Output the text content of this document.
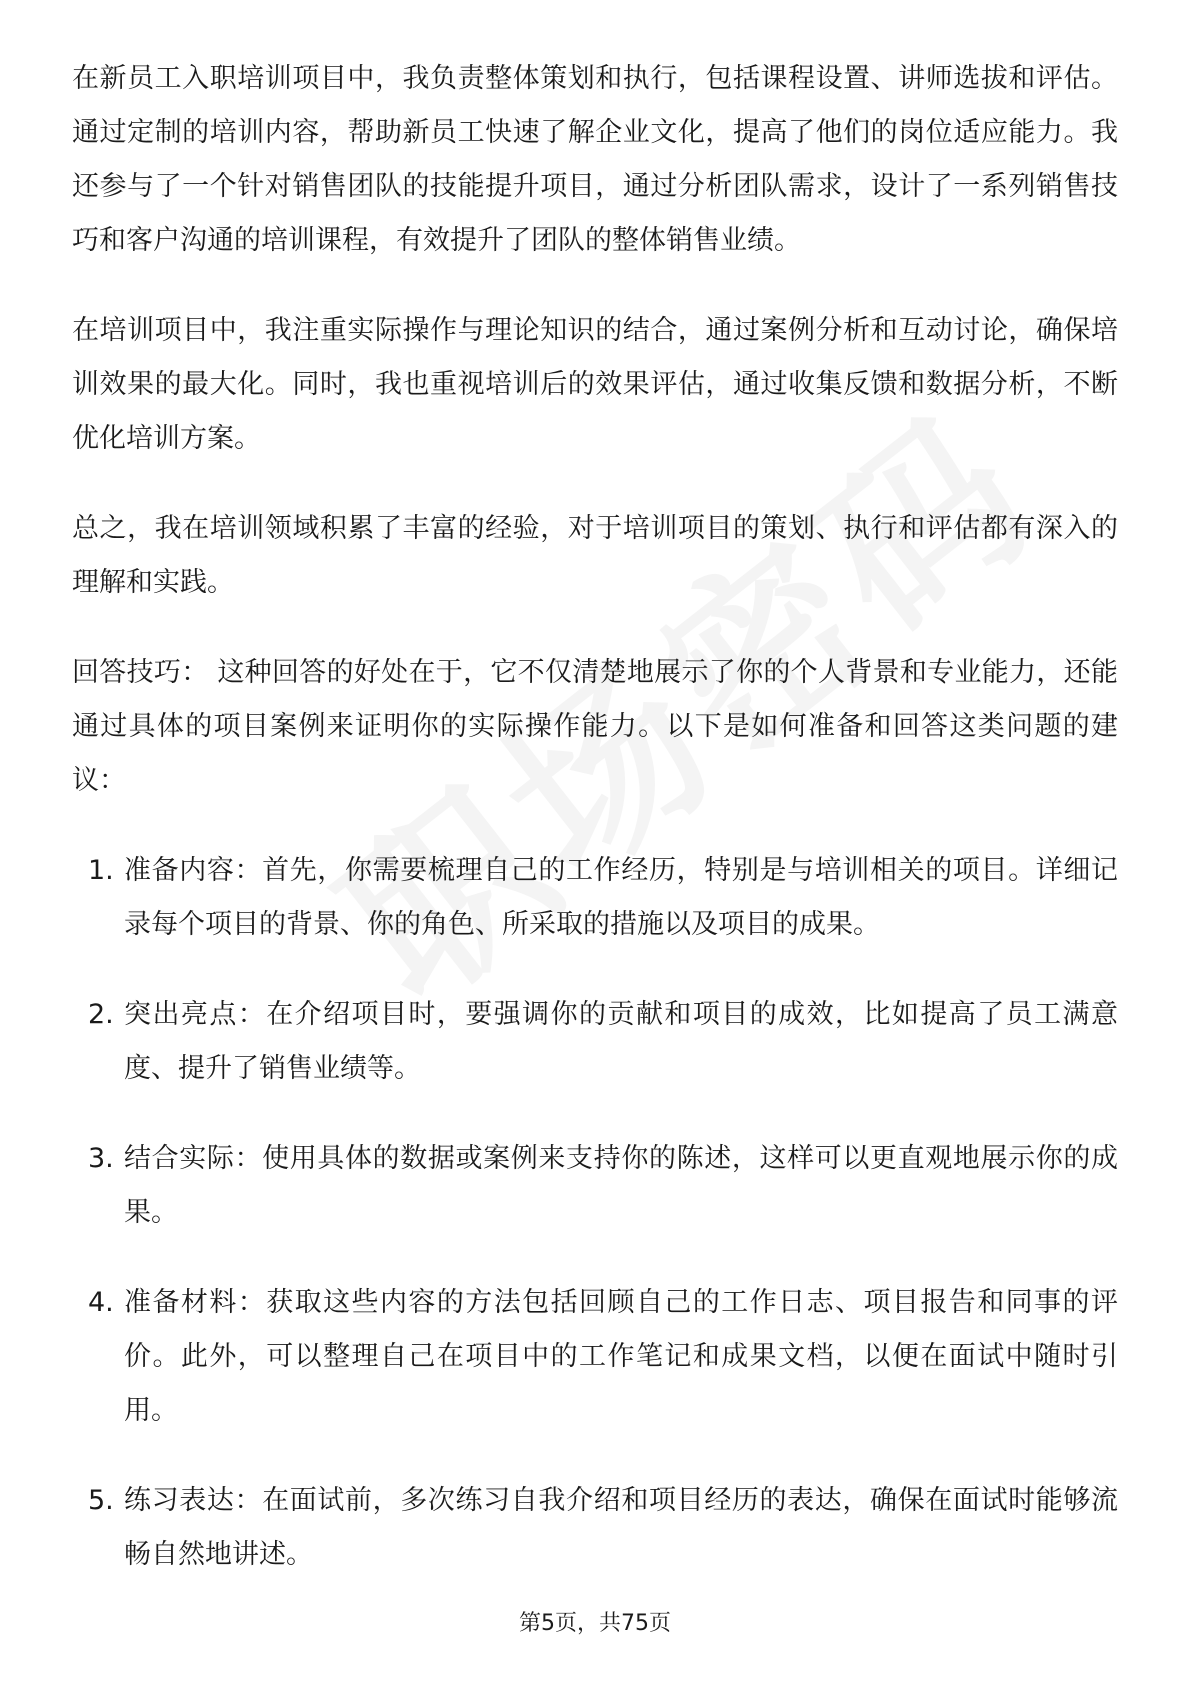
在新员工入职培训项目中，我负责整体策划和执行，包括课程设置、讲师选拔和评估。通过定制的培训内容，帮助新员工快速了解企业文化，提高了他们的岗位适应能力。我还参与了一个针对销售团队的技能提升项目，通过分析团队需求，设计了一系列销售技巧和客户沟通的培训课程，有效提升了团队的整体销售业绩。

在培训项目中，我注重实际操作与理论知识的结合，通过案例分析和互动讨论，确保培训效果的最大化。同时，我也重视培训后的效果评估，通过收集反馈和数据分析，不断优化培训方案。

总之，我在培训领域积累了丰富的经验，对于培训项目的策划、执行和评估都有深入的理解和实践。

回答技巧： 这种回答的好处在于，它不仅清楚地展示了你的个人背景和专业能力，还能通过具体的项目案例来证明你的实际操作能力。以下是如何准备和回答这类问题的建议：

1. 准备内容：首先，你需要梳理自己的工作经历，特别是与培训相关的项目。详细记录每个项目的背景、你的角色、所采取的措施以及项目的成果。
2. 突出亮点：在介绍项目时，要强调你的贡献和项目的成效，比如提高了员工满意度、提升了销售业绩等。
3. 结合实际：使用具体的数据或案例来支持你的陈述，这样可以更直观地展示你的成果。
4. 准备材料：获取这些内容的方法包括回顾自己的工作日志、项目报告和同事的评价。此外，可以整理自己在项目中的工作笔记和成果文档，以便在面试中随时引用。
5. 练习表达：在面试前，多次练习自我介绍和项目经历的表达，确保在面试时能够流畅自然地讲述。
第5页，共75页
